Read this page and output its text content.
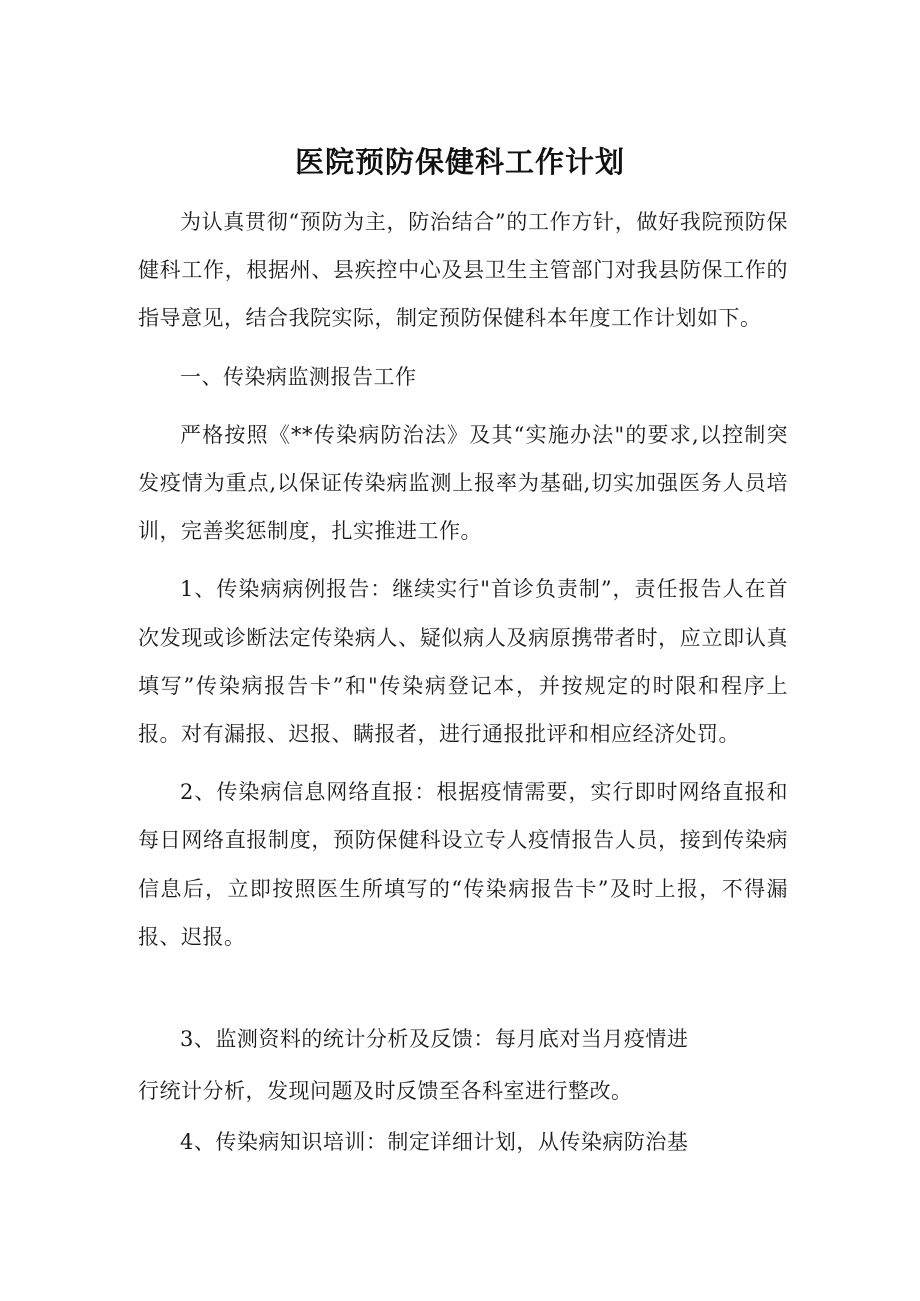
医院预防保健科工作计划

为认真贯彻“预防为主，防治结合”的工作方针，做好我院预防保健科工作，根据州、县疾控中心及县卫生主管部门对我县防保工作的指导意见，结合我院实际，制定预防保健科本年度工作计划如下。

一、传染病监测报告工作

严格按照《**传染病防治法》及其“实施办法"的要求,以控制突发疫情为重点,以保证传染病监测上报率为基础,切实加强医务人员培训，完善奖惩制度，扎实推进工作。

1、传染病病例报告：继续实行"首诊负责制”，责任报告人在首次发现或诊断法定传染病人、疑似病人及病原携带者时，应立即认真填写”传染病报告卡”和"传染病登记本，并按规定的时限和程序上报。对有漏报、迟报、瞒报者，进行通报批评和相应经济处罚。

2、传染病信息网络直报：根据疫情需要，实行即时网络直报和每日网络直报制度，预防保健科设立专人疫情报告人员，接到传染病信息后，立即按照医生所填写的“传染病报告卡”及时上报，不得漏报、迟报。

3、监测资料的统计分析及反馈：每月底对当月疫情进
行统计分析，发现问题及时反馈至各科室进行整改。
4、传染病知识培训：制定详细计划，从传染病防治基
